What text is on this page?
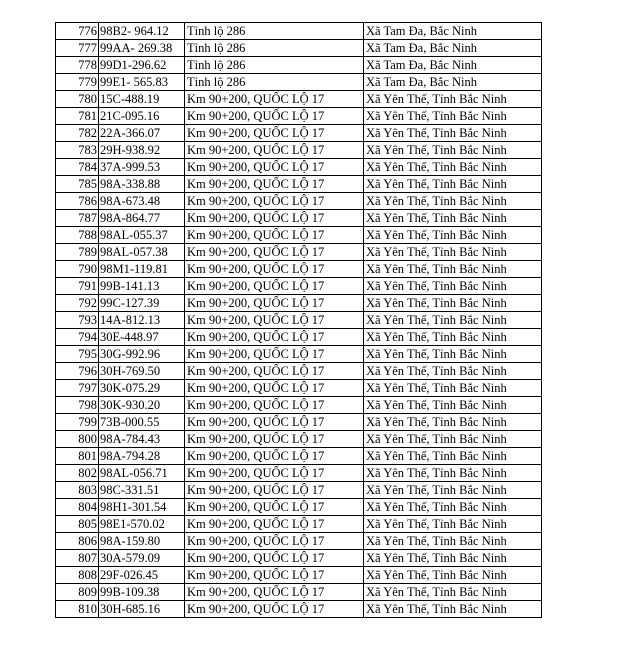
776	98B2- 964.12	Tỉnh lộ 286	Xã Tam Đa, Bắc Ninh
777	99AA- 269.38	Tỉnh lộ 286	Xã Tam Đa, Bắc Ninh
778	99D1-296.62	Tỉnh lộ 286	Xã Tam Đa, Bắc Ninh
779	99E1- 565.83	Tỉnh lộ 286	Xã Tam Đa, Bắc Ninh
780	15C-488.19	Km 90+200, QUỐC LỘ 17	Xã Yên Thế, Tỉnh Bắc Ninh
781	21C-095.16	Km 90+200, QUỐC LỘ 17	Xã Yên Thế, Tỉnh Bắc Ninh
782	22A-366.07	Km 90+200, QUỐC LỘ 17	Xã Yên Thế, Tỉnh Bắc Ninh
783	29H-938.92	Km 90+200, QUỐC LỘ 17	Xã Yên Thế, Tỉnh Bắc Ninh
784	37A-999.53	Km 90+200, QUỐC LỘ 17	Xã Yên Thế, Tỉnh Bắc Ninh
785	98A-338.88	Km 90+200, QUỐC LỘ 17	Xã Yên Thế, Tỉnh Bắc Ninh
786	98A-673.48	Km 90+200, QUỐC LỘ 17	Xã Yên Thế, Tỉnh Bắc Ninh
787	98A-864.77	Km 90+200, QUỐC LỘ 17	Xã Yên Thế, Tỉnh Bắc Ninh
788	98AL-055.37	Km 90+200, QUỐC LỘ 17	Xã Yên Thế, Tỉnh Bắc Ninh
789	98AL-057.38	Km 90+200, QUỐC LỘ 17	Xã Yên Thế, Tỉnh Bắc Ninh
790	98M1-119.81	Km 90+200, QUỐC LỘ 17	Xã Yên Thế, Tỉnh Bắc Ninh
791	99B-141.13	Km 90+200, QUỐC LỘ 17	Xã Yên Thế, Tỉnh Bắc Ninh
792	99C-127.39	Km 90+200, QUỐC LỘ 17	Xã Yên Thế, Tỉnh Bắc Ninh
793	14A-812.13	Km 90+200, QUỐC LỘ 17	Xã Yên Thế, Tỉnh Bắc Ninh
794	30E-448.97	Km 90+200, QUỐC LỘ 17	Xã Yên Thế, Tỉnh Bắc Ninh
795	30G-992.96	Km 90+200, QUỐC LỘ 17	Xã Yên Thế, Tỉnh Bắc Ninh
796	30H-769.50	Km 90+200, QUỐC LỘ 17	Xã Yên Thế, Tỉnh Bắc Ninh
797	30K-075.29	Km 90+200, QUỐC LỘ 17	Xã Yên Thế, Tỉnh Bắc Ninh
798	30K-930.20	Km 90+200, QUỐC LỘ 17	Xã Yên Thế, Tỉnh Bắc Ninh
799	73B-000.55	Km 90+200, QUỐC LỘ 17	Xã Yên Thế, Tỉnh Bắc Ninh
800	98A-784.43	Km 90+200, QUỐC LỘ 17	Xã Yên Thế, Tỉnh Bắc Ninh
801	98A-794.28	Km 90+200, QUỐC LỘ 17	Xã Yên Thế, Tỉnh Bắc Ninh
802	98AL-056.71	Km 90+200, QUỐC LỘ 17	Xã Yên Thế, Tỉnh Bắc Ninh
803	98C-331.51	Km 90+200, QUỐC LỘ 17	Xã Yên Thế, Tỉnh Bắc Ninh
804	98H1-301.54	Km 90+200, QUỐC LỘ 17	Xã Yên Thế, Tỉnh Bắc Ninh
805	98E1-570.02	Km 90+200, QUỐC LỘ 17	Xã Yên Thế, Tỉnh Bắc Ninh
806	98A-159.80	Km 90+200, QUỐC LỘ 17	Xã Yên Thế, Tỉnh Bắc Ninh
807	30A-579.09	Km 90+200, QUỐC LỘ 17	Xã Yên Thế, Tỉnh Bắc Ninh
808	29F-026.45	Km 90+200, QUỐC LỘ 17	Xã Yên Thế, Tỉnh Bắc Ninh
809	99B-109.38	Km 90+200, QUỐC LỘ 17	Xã Yên Thế, Tỉnh Bắc Ninh
810	30H-685.16	Km 90+200, QUỐC LỘ 17	Xã Yên Thế, Tỉnh Bắc Ninh
